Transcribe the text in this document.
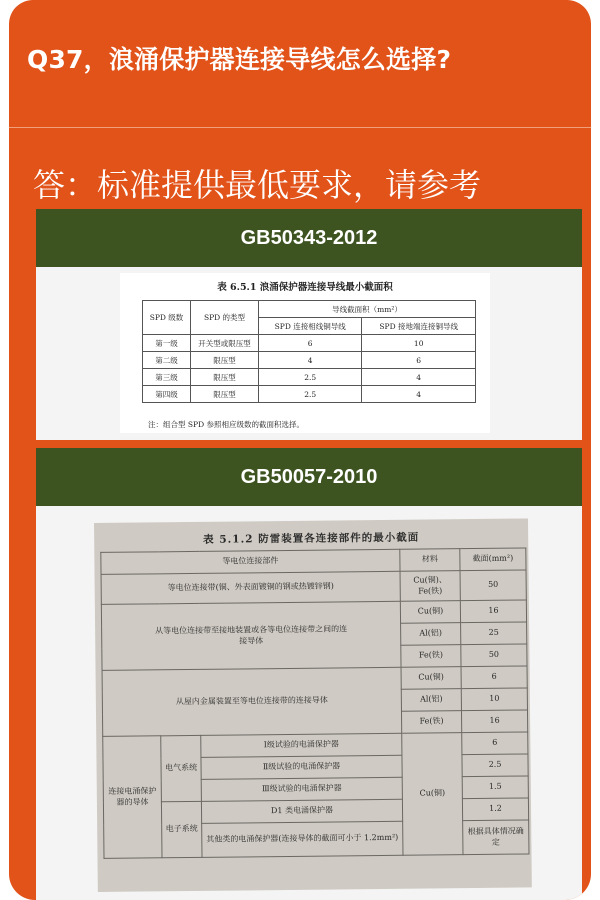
Q37，浪涌保护器连接导线怎么选择?
答：标准提供最低要求，请参考
GB50343-2012
表 6.5.1 浪涌保护器连接导线最小截面积
SPD 级数	SPD 的类型	导线截面积（mm²）	
		SPD 连接相线铜导线	SPD 接地端连接铜导线
第一级	开关型或限压型	6	10
第二级	限压型	4	6
第三级	限压型	2.5	4
第四级	限压型	2.5	4
注：组合型 SPD 参照相应级数的截面积选择。
GB50057-2010
表 5.1.2 防雷装置各连接部件的最小截面
等电位连接部件			材料	截面(mm²)
等电位连接带(铜、外表面镀铜的钢或热镀锌钢)			Cu(铜)、Fe(铁)	50
从等电位连接带至接地装置或各等电位连接带之间的连接导体			Cu(铜)	16
			Al(铝)	25
			Fe(铁)	50
从屋内金属装置至等电位连接带的连接导体			Cu(铜)	6
			Al(铝)	10
			Fe(铁)	16
连接电涌保护器的导体	电气系统	Ⅰ级试验的电涌保护器	Cu(铜)	6
		Ⅱ级试验的电涌保护器		2.5
		Ⅲ级试验的电涌保护器		1.5
	电子系统	D1 类电涌保护器		1.2
		其他类的电涌保护器(连接导体的截面可小于 1.2mm²)		根据具体情况确定
